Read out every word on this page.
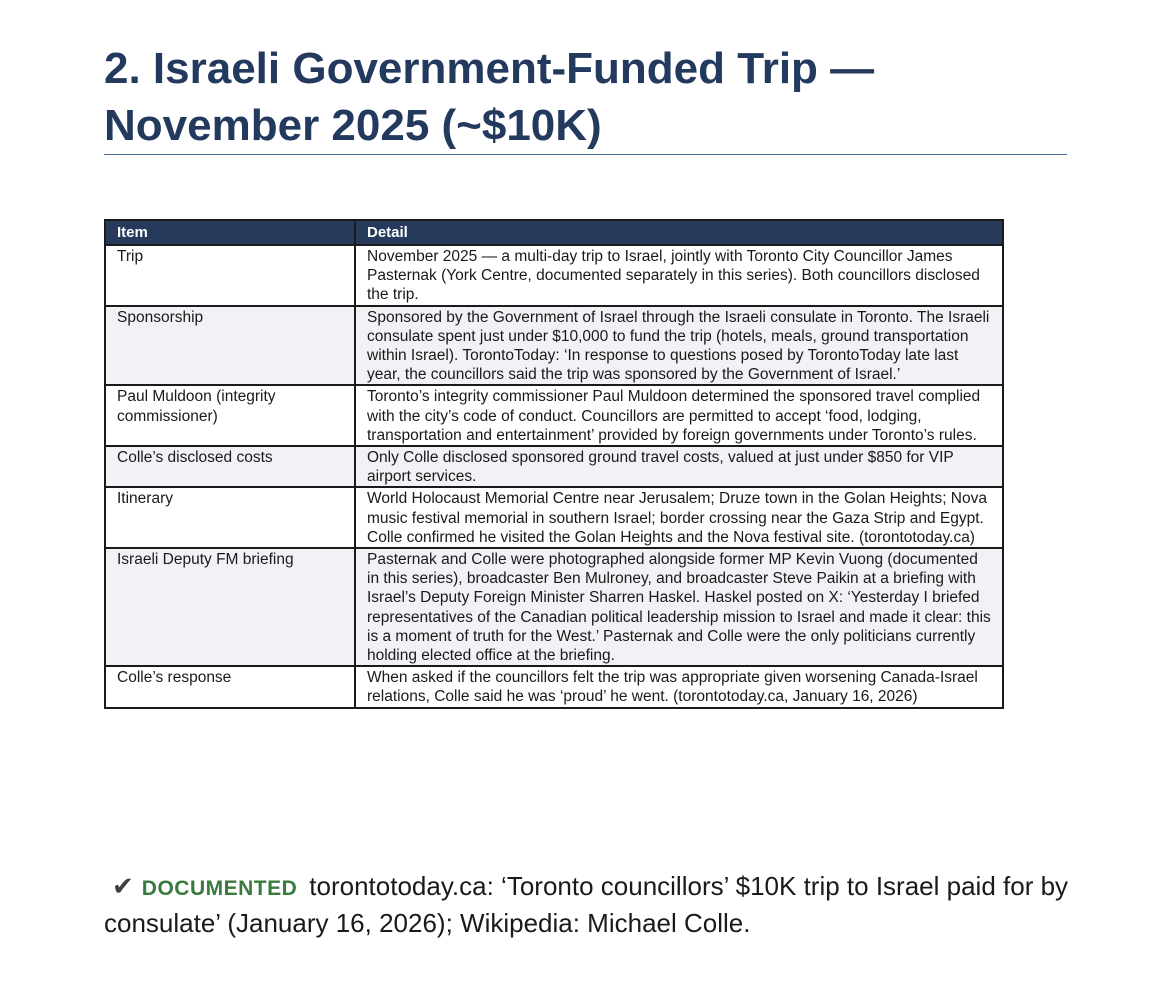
2. Israeli Government-Funded Trip — November 2025 (~$10K)
Item	Detail
Trip	November 2025 — a multi-day trip to Israel, jointly with Toronto City Councillor James Pasternak (York Centre, documented separately in this series). Both councillors disclosed the trip.
Sponsorship	Sponsored by the Government of Israel through the Israeli consulate in Toronto. The Israeli consulate spent just under $10,000 to fund the trip (hotels, meals, ground transportation within Israel). TorontoToday: ‘In response to questions posed by TorontoToday late last year, the councillors said the trip was sponsored by the Government of Israel.’
Paul Muldoon (integrity commissioner)	Toronto’s integrity commissioner Paul Muldoon determined the sponsored travel complied with the city’s code of conduct. Councillors are permitted to accept ‘food, lodging, transportation and entertainment’ provided by foreign governments under Toronto’s rules.
Colle’s disclosed costs	Only Colle disclosed sponsored ground travel costs, valued at just under $850 for VIP airport services.
Itinerary	World Holocaust Memorial Centre near Jerusalem; Druze town in the Golan Heights; Nova music festival memorial in southern Israel; border crossing near the Gaza Strip and Egypt. Colle confirmed he visited the Golan Heights and the Nova festival site. (torontotoday.ca)
Israeli Deputy FM briefing	Pasternak and Colle were photographed alongside former MP Kevin Vuong (documented in this series), broadcaster Ben Mulroney, and broadcaster Steve Paikin at a briefing with Israel’s Deputy Foreign Minister Sharren Haskel. Haskel posted on X: ‘Yesterday I briefed representatives of the Canadian political leadership mission to Israel and made it clear: this is a moment of truth for the West.’ Pasternak and Colle were the only politicians currently holding elected office at the briefing.
Colle’s response	When asked if the councillors felt the trip was appropriate given worsening Canada-Israel relations, Colle said he was ‘proud’ he went. (torontotoday.ca, January 16, 2026)
✔ DOCUMENTED torontotoday.ca: ‘Toronto councillors’ $10K trip to Israel paid for by consulate’ (January 16, 2026); Wikipedia: Michael Colle.
